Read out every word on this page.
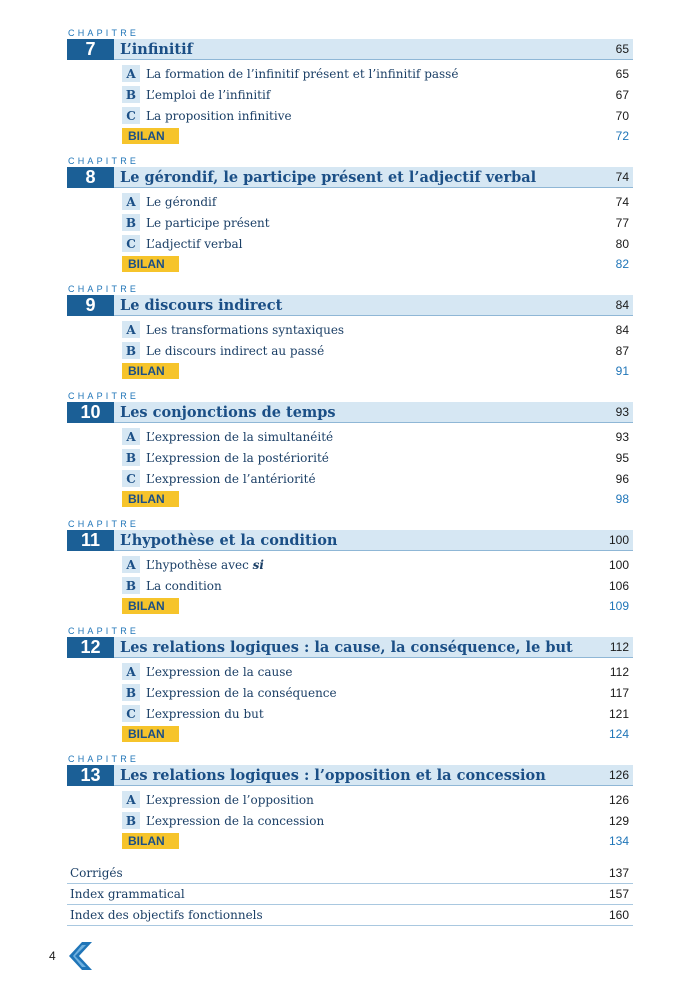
CHAPITRE
7	L’infinitif	65
A La formation de l’infinitif présent et l’infinitif passé	65
B L’emploi de l’infinitif	67
C La proposition infinitive	70
BILAN	72
CHAPITRE
8	Le gérondif, le participe présent et l’adjectif verbal	74
A Le gérondif	74
B Le participe présent	77
C L’adjectif verbal	80
BILAN	82
CHAPITRE
9	Le discours indirect	84
A Les transformations syntaxiques	84
B Le discours indirect au passé	87
BILAN	91
CHAPITRE
10	Les conjonctions de temps	93
A L’expression de la simultanéité	93
B L’expression de la postériorité	95
C L’expression de l’antériorité	96
BILAN	98
CHAPITRE
11	L’hypothèse et la condition	100
A L’hypothèse avec si	100
B La condition	106
BILAN	109
CHAPITRE
12	Les relations logiques : la cause, la conséquence, le but	112
A L’expression de la cause	112
B L’expression de la conséquence	117
C L’expression du but	121
BILAN	124
CHAPITRE
13	Les relations logiques : l’opposition et la concession	126
A L’expression de l’opposition	126
B L’expression de la concession	129
BILAN	134
Corrigés	137
Index grammatical	157
Index des objectifs fonctionnels	160
4
